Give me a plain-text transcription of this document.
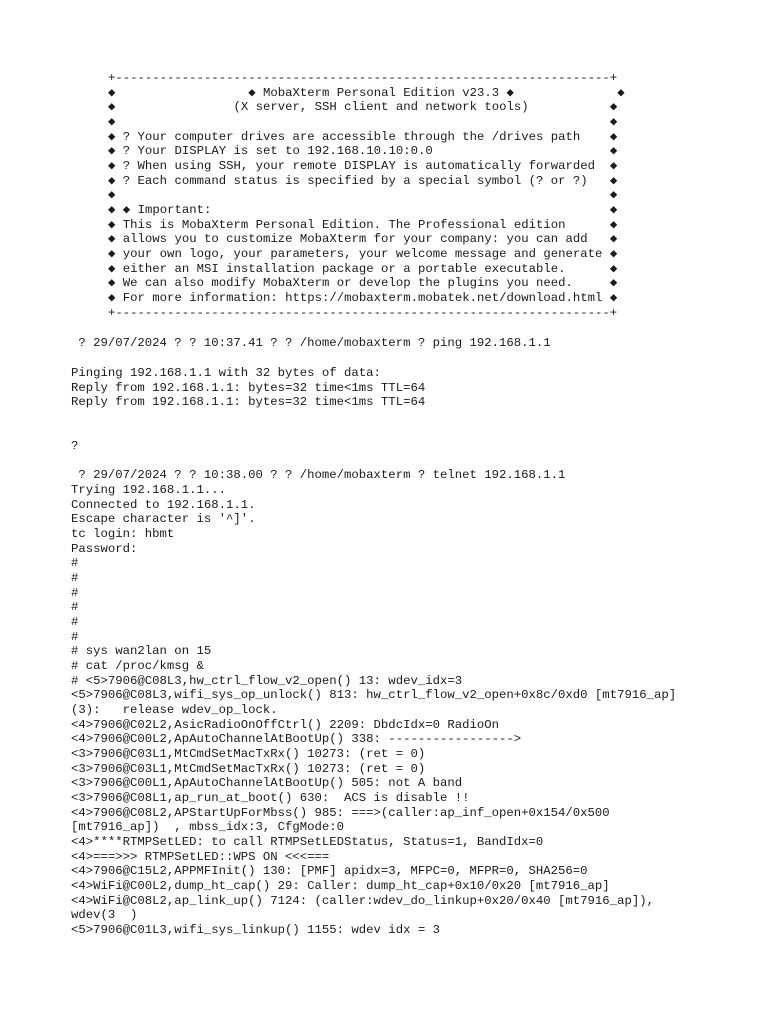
+-------------------------------------------------------------------+
◆                  ◆ MobaXterm Personal Edition v23.3 ◆              ◆
◆                (X server, SSH client and network tools)           ◆
◆                                                                   ◆
◆ ? Your computer drives are accessible through the /drives path    ◆
◆ ? Your DISPLAY is set to 192.168.10.10:0.0                        ◆
◆ ? When using SSH, your remote DISPLAY is automatically forwarded  ◆
◆ ? Each command status is specified by a special symbol (? or ?)   ◆
◆                                                                   ◆
◆ ◆ Important:                                                      ◆
◆ This is MobaXterm Personal Edition. The Professional edition      ◆
◆ allows you to customize MobaXterm for your company: you can add   ◆
◆ your own logo, your parameters, your welcome message and generate ◆
◆ either an MSI installation package or a portable executable.      ◆
◆ We can also modify MobaXterm or develop the plugins you need.     ◆
◆ For more information: https://mobaxterm.mobatek.net/download.html ◆
+-------------------------------------------------------------------+
? 29/07/2024 ? ? 10:37.41 ? ? /home/mobaxterm ? ping 192.168.1.1
Pinging 192.168.1.1 with 32 bytes of data:
Reply from 192.168.1.1: bytes=32 time<1ms TTL=64
Reply from 192.168.1.1: bytes=32 time<1ms TTL=64
?
? 29/07/2024 ? ? 10:38.00 ? ? /home/mobaxterm ? telnet 192.168.1.1
Trying 192.168.1.1...
Connected to 192.168.1.1.
Escape character is '^]'.
tc login: hbmt
Password:
#
#
#
#
#
#
# sys wan2lan on 15
# cat /proc/kmsg &
# <5>7906@C08L3,hw_ctrl_flow_v2_open() 13: wdev_idx=3
<5>7906@C08L3,wifi_sys_op_unlock() 813: hw_ctrl_flow_v2_open+0x8c/0xd0 [mt7916_ap]
(3):   release wdev_op_lock.
<4>7906@C02L2,AsicRadioOnOffCtrl() 2209: DbdcIdx=0 RadioOn
<4>7906@C00L2,ApAutoChannelAtBootUp() 338: ----------------->
<3>7906@C03L1,MtCmdSetMacTxRx() 10273: (ret = 0)
<3>7906@C03L1,MtCmdSetMacTxRx() 10273: (ret = 0)
<3>7906@C00L1,ApAutoChannelAtBootUp() 505: not A band
<3>7906@C08L1,ap_run_at_boot() 630:  ACS is disable !!
<4>7906@C08L2,APStartUpForMbss() 985: ===>(caller:ap_inf_open+0x154/0x500
[mt7916_ap])  , mbss_idx:3, CfgMode:0
<4>****RTMPSetLED: to call RTMPSetLEDStatus, Status=1, BandIdx=0
<4>===>>> RTMPSetLED::WPS ON <<<===
<4>7906@C15L2,APPMFInit() 130: [PMF] apidx=3, MFPC=0, MFPR=0, SHA256=0
<4>WiFi@C00L2,dump_ht_cap() 29: Caller: dump_ht_cap+0x10/0x20 [mt7916_ap]
<4>WiFi@C08L2,ap_link_up() 7124: (caller:wdev_do_linkup+0x20/0x40 [mt7916_ap]),
wdev(3  )
<5>7906@C01L3,wifi_sys_linkup() 1155: wdev idx = 3
